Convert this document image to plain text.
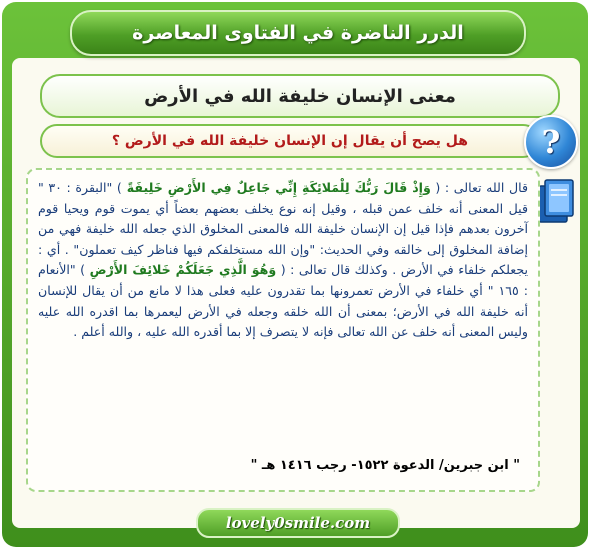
الدرر الناضرة في الفتاوى المعاصرة
معنى الإنسان خليفة الله في الأرض
هل يصح أن يقال إن الإنسان خليفة الله في الأرض ؟ ?

قال الله تعالى : ( وَإِذْ قَالَ رَبُّكَ لِلْمَلائِكَةِ إِنِّي جَاعِلٌ فِي الأَرْضِ خَلِيفَةً ) "البقرة : ٣٠ " قيل المعنى أنه خلف عمن قبله ، وقيل إنه نوع يخلف بعضهم بعضاً أي يموت قوم ويحيا قوم آخرون بعدهم فإذا قيل إن الإنسان خليفة الله فالمعنى المخلوق الذي جعله الله خليفة فهي من إضافة المخلوق إلى خالقه وفي الحديث: "وإن الله مستخلفكم فيها فناظر كيف تعملون" . أي : يجعلكم خلفاء في الأرض . وكذلك قال تعالى : ( وَهُوَ الَّذِي جَعَلَكُمْ خَلائِفَ الأَرْضِ ) "الأنعام : ١٦٥ " أي خلفاء في الأرض تعمرونها بما تقدرون عليه فعلى هذا لا مانع من أن يقال للإنسان أنه خليفة الله في الأرض؛ بمعنى أن الله خلقه وجعله في الأرض ليعمرها بما اقدره الله عليه وليس المعنى أنه خلف عن الله تعالى فإنه لا يتصرف إلا بما أقدره الله عليه ، والله أعلم .

" ابن جبرين/ الدعوة ١٥٢٢- رجب ١٤١٦ هـ "
lovely0smile.com
